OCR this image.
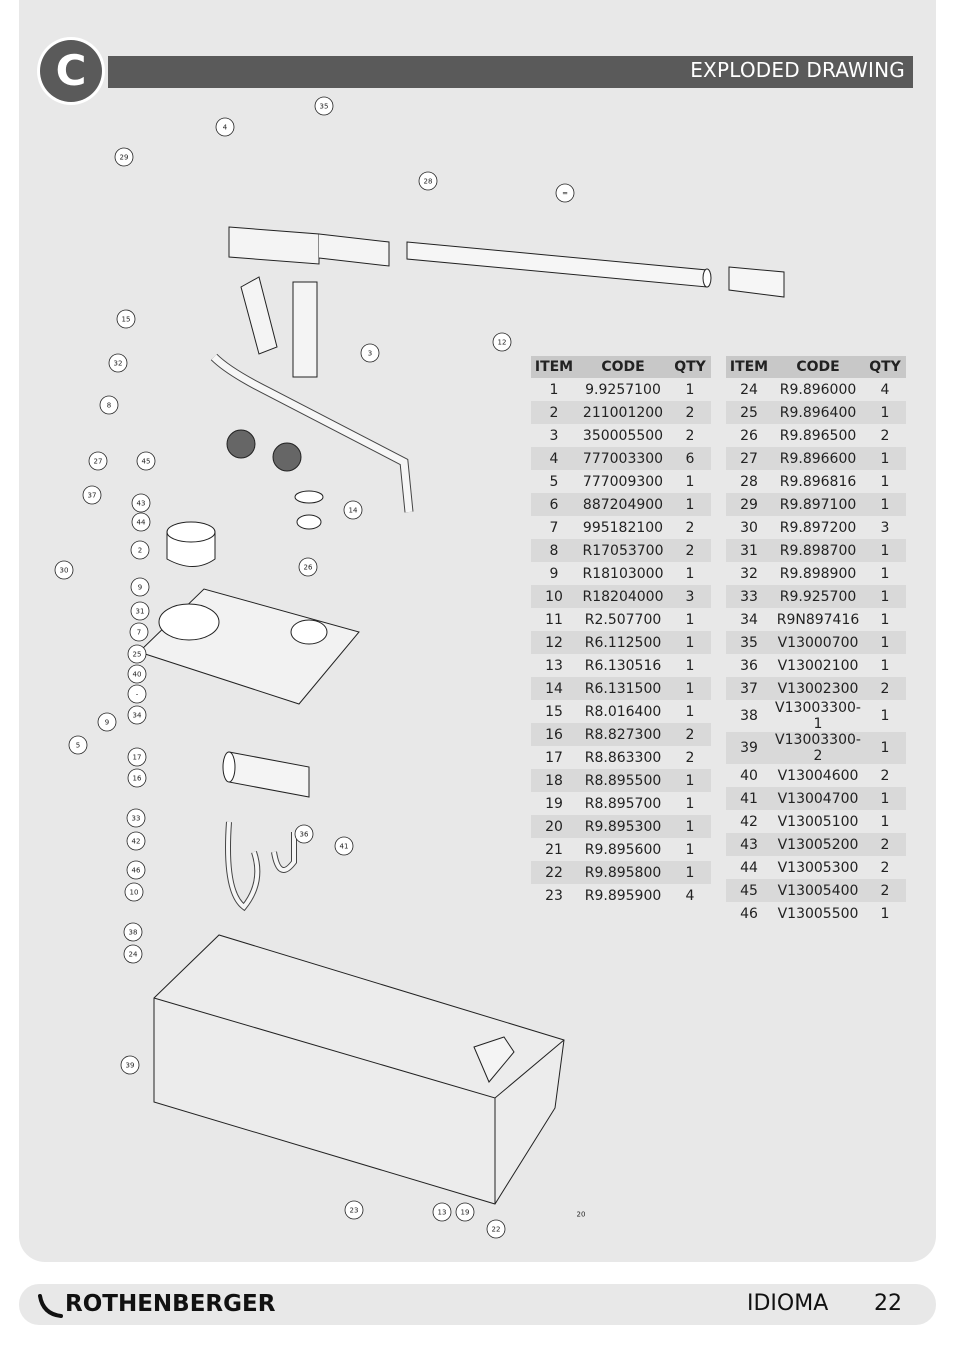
EXPLODED DRAWING
C
35
4
29
28
=
15
3
12
32
8
27	45
37
43
44
2
14
30	26
9
31
7
25
40
-
34
9
5
17
16
33
42
36
41
46
10
38
24
39
23	13 19
22
20
ITEM	CODE	QTY
1	9.9257100	1
2	211001200	2
3	350005500	2
4	777003300	6
5	777009300	1
6	887204900	1
7	995182100	2
8	R17053700	2
9	R18103000	1
10	R18204000	3
11	R2.507700	1
12	R6.112500	1
13	R6.130516	1
14	R6.131500	1
15	R8.016400	1
16	R8.827300	2
17	R8.863300	2
18	R8.895500	1
19	R8.895700	1
20	R9.895300	1
21	R9.895600	1
22	R9.895800	1
23	R9.895900	4
ITEM	CODE	QTY
24	R9.896000	4
25	R9.896400	1
26	R9.896500	2
27	R9.896600	1
28	R9.896816	1
29	R9.897100	1
30	R9.897200	3
31	R9.898700	1
32	R9.898900	1
33	R9.925700	1
34	R9N897416	1
35	V13000700	1
36	V13002100	1
37	V13002300	2
38	V13003300-1	1
39	V13003300-2	1
40	V13004600	2
41	V13004700	1
42	V13005100	1
43	V13005200	2
44	V13005300	2
45	V13005400	2
46	V13005500	1
ROTHENBERGER	IDIOMA 22
